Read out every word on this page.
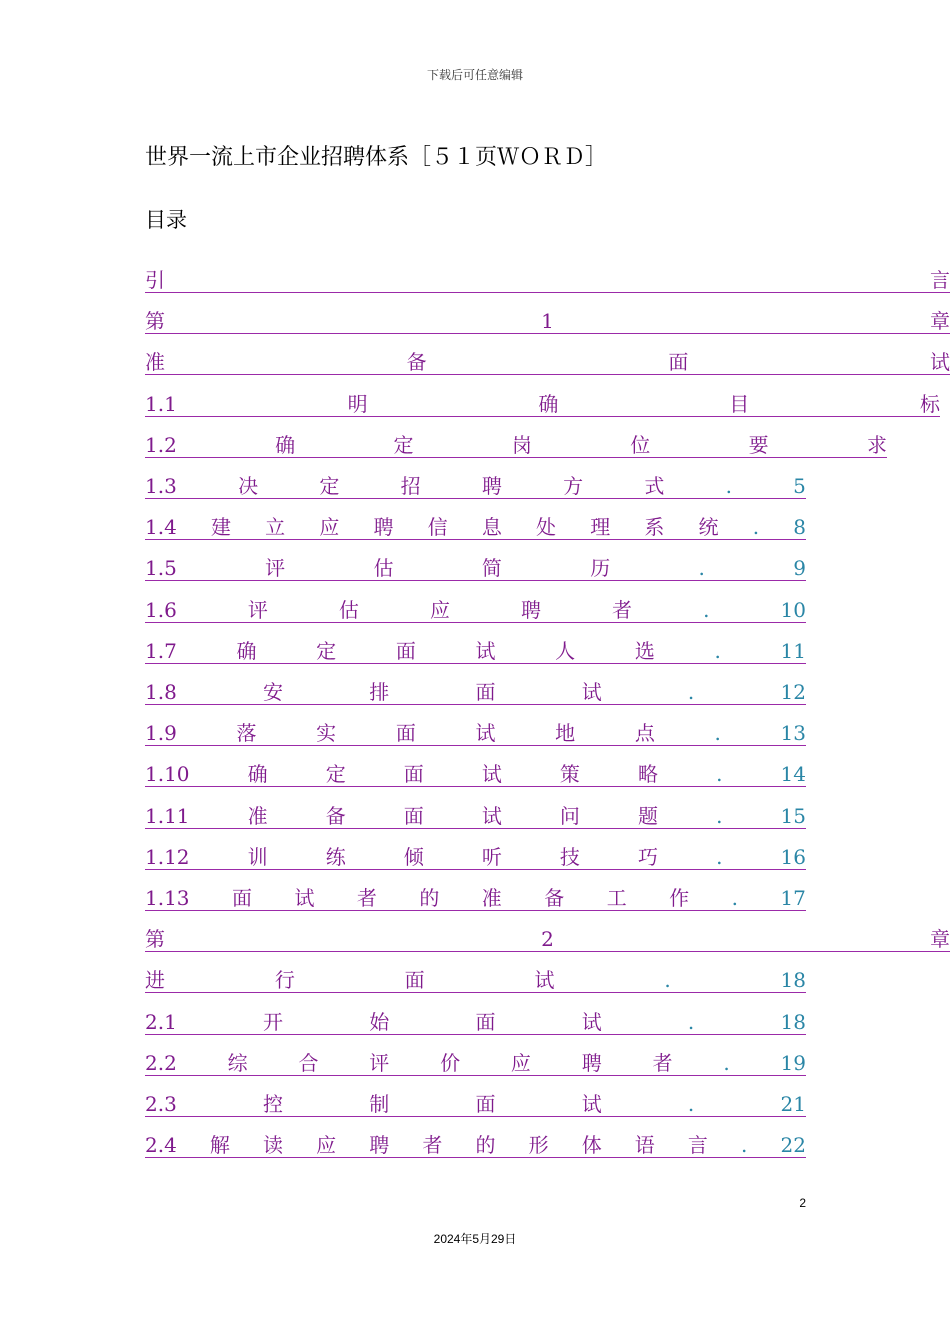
下载后可任意编辑
世界一流上市企业招聘体系［５１页ＷＯＲＤ］
目录
引	言
第	1	章
准	备	面	试
1.1	明	确	目	标
1.2	确	定	岗	位	要	求
1.3	决	定	招	聘	方	式	.	5
1.4 建 立 应 聘 信 息 处 理 系 统 . 8
1.5	评	估	简	历	.	9
1.6	评	估	应	聘	者	.	10
1.7	确	定	面	试	人	选	.	11
1.8	安	排	面	试	.	12
1.9	落	实	面	试	地	点	.	13
1.10	确	定	面	试	策	略	.	14
1.11	准	备	面	试	问	题	.	15
1.12	训	练	倾	听	技	巧	.	16
1.13 面 试 者 的 准 备 工 作 . 17
第	2	章
进	行	面	试	.	18
2.1	开	始	面	试	.	18
2.2	综	合	评	价	应	聘	者	.	19
2.3	控	制	面	试	.	21
2.4 解 读 应 聘 者 的 形 体 语 言 . 22
2
2024年5月29日
